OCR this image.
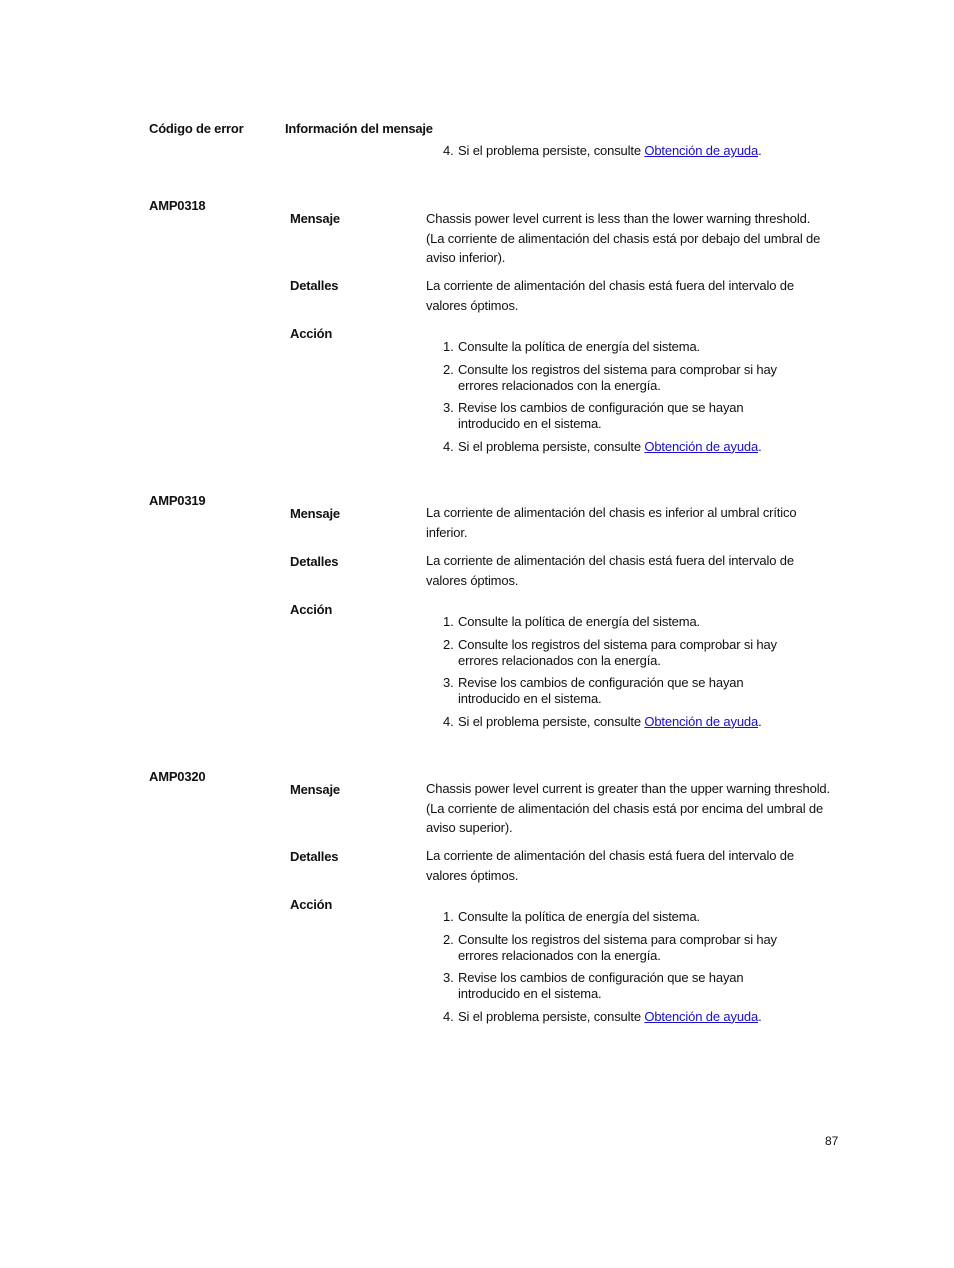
Código de error	Información del mensaje
4. Si el problema persiste, consulte Obtención de ayuda.
AMP0318
Mensaje	Chassis power level current is less than the lower warning threshold. (La corriente de alimentación del chasis está por debajo del umbral de aviso inferior).
Detalles	La corriente de alimentación del chasis está fuera del intervalo de valores óptimos.
Acción
1. Consulte la política de energía del sistema.
2. Consulte los registros del sistema para comprobar si hay errores relacionados con la energía.
3. Revise los cambios de configuración que se hayan introducido en el sistema.
4. Si el problema persiste, consulte Obtención de ayuda.
AMP0319
Mensaje	La corriente de alimentación del chasis es inferior al umbral crítico inferior.
Detalles	La corriente de alimentación del chasis está fuera del intervalo de valores óptimos.
Acción
1. Consulte la política de energía del sistema.
2. Consulte los registros del sistema para comprobar si hay errores relacionados con la energía.
3. Revise los cambios de configuración que se hayan introducido en el sistema.
4. Si el problema persiste, consulte Obtención de ayuda.
AMP0320
Mensaje	Chassis power level current is greater than the upper warning threshold. (La corriente de alimentación del chasis está por encima del umbral de aviso superior).
Detalles	La corriente de alimentación del chasis está fuera del intervalo de valores óptimos.
Acción
1. Consulte la política de energía del sistema.
2. Consulte los registros del sistema para comprobar si hay errores relacionados con la energía.
3. Revise los cambios de configuración que se hayan introducido en el sistema.
4. Si el problema persiste, consulte Obtención de ayuda.
87
